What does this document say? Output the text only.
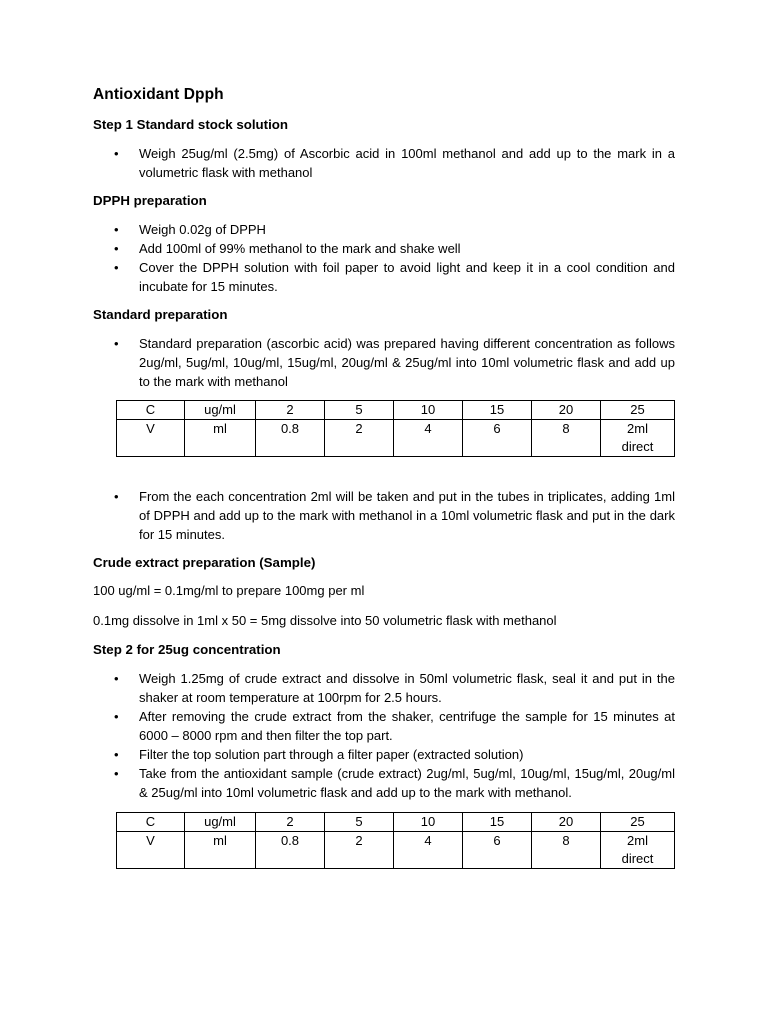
Antioxidant Dpph
Step 1 Standard stock solution
• Weigh 25ug/ml (2.5mg) of Ascorbic acid in 100ml methanol and add up to the mark in a volumetric flask with methanol
DPPH preparation
• Weigh 0.02g of DPPH
• Add 100ml of 99% methanol to the mark and shake well
• Cover the DPPH solution with foil paper to avoid light and keep it in a cool condition and incubate for 15 minutes.
Standard preparation
• Standard preparation (ascorbic acid) was prepared having different concentration as follows 2ug/ml, 5ug/ml, 10ug/ml, 15ug/ml, 20ug/ml & 25ug/ml into 10ml volumetric flask and add up to the mark with methanol
C	ug/ml	2	5	10	15	20	25
V	ml	0.8	2	4	6	8	2ml direct
• From the each concentration 2ml will be taken and put in the tubes in triplicates, adding 1ml of DPPH and add up to the mark with methanol in a 10ml volumetric flask and put in the dark for 15 minutes.
Crude extract preparation (Sample)

100 ug/ml = 0.1mg/ml to prepare 100mg per ml

0.1mg dissolve in 1ml x 50 = 5mg dissolve into 50 volumetric flask with methanol

Step 2 for 25ug concentration
• Weigh 1.25mg of crude extract and dissolve in 50ml volumetric flask, seal it and put in the shaker at room temperature at 100rpm for 2.5 hours.
• After removing the crude extract from the shaker, centrifuge the sample for 15 minutes at 6000 – 8000 rpm and then filter the top part.
• Filter the top solution part through a filter paper (extracted solution)
• Take from the antioxidant sample (crude extract) 2ug/ml, 5ug/ml, 10ug/ml, 15ug/ml, 20ug/ml & 25ug/ml into 10ml volumetric flask and add up to the mark with methanol.
C	ug/ml	2	5	10	15	20	25
V	ml	0.8	2	4	6	8	2ml direct
